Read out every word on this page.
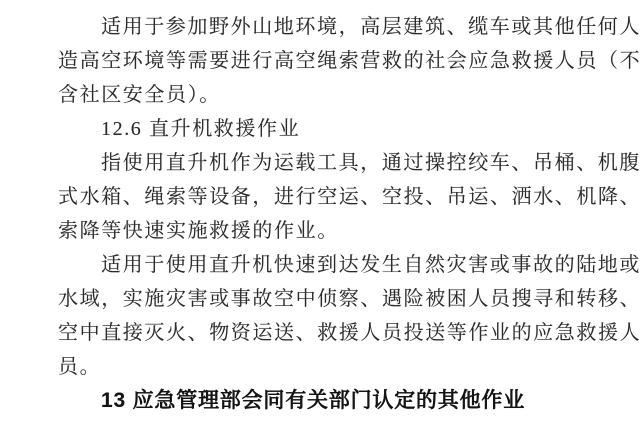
适用于参加野外山地环境，高层建筑、缆车或其他任何人
造高空环境等需要进行高空绳索营救的社会应急救援人员（不
含社区安全员）。
12.6 直升机救援作业
指使用直升机作为运载工具，通过操控绞车、吊桶、机腹
式水箱、绳索等设备，进行空运、空投、吊运、洒水、机降、
索降等快速实施救援的作业。
适用于使用直升机快速到达发生自然灾害或事故的陆地或
水域，实施灾害或事故空中侦察、遇险被困人员搜寻和转移、
空中直接灭火、物资运送、救援人员投送等作业的应急救援人
员。
13 应急管理部会同有关部门认定的其他作业
